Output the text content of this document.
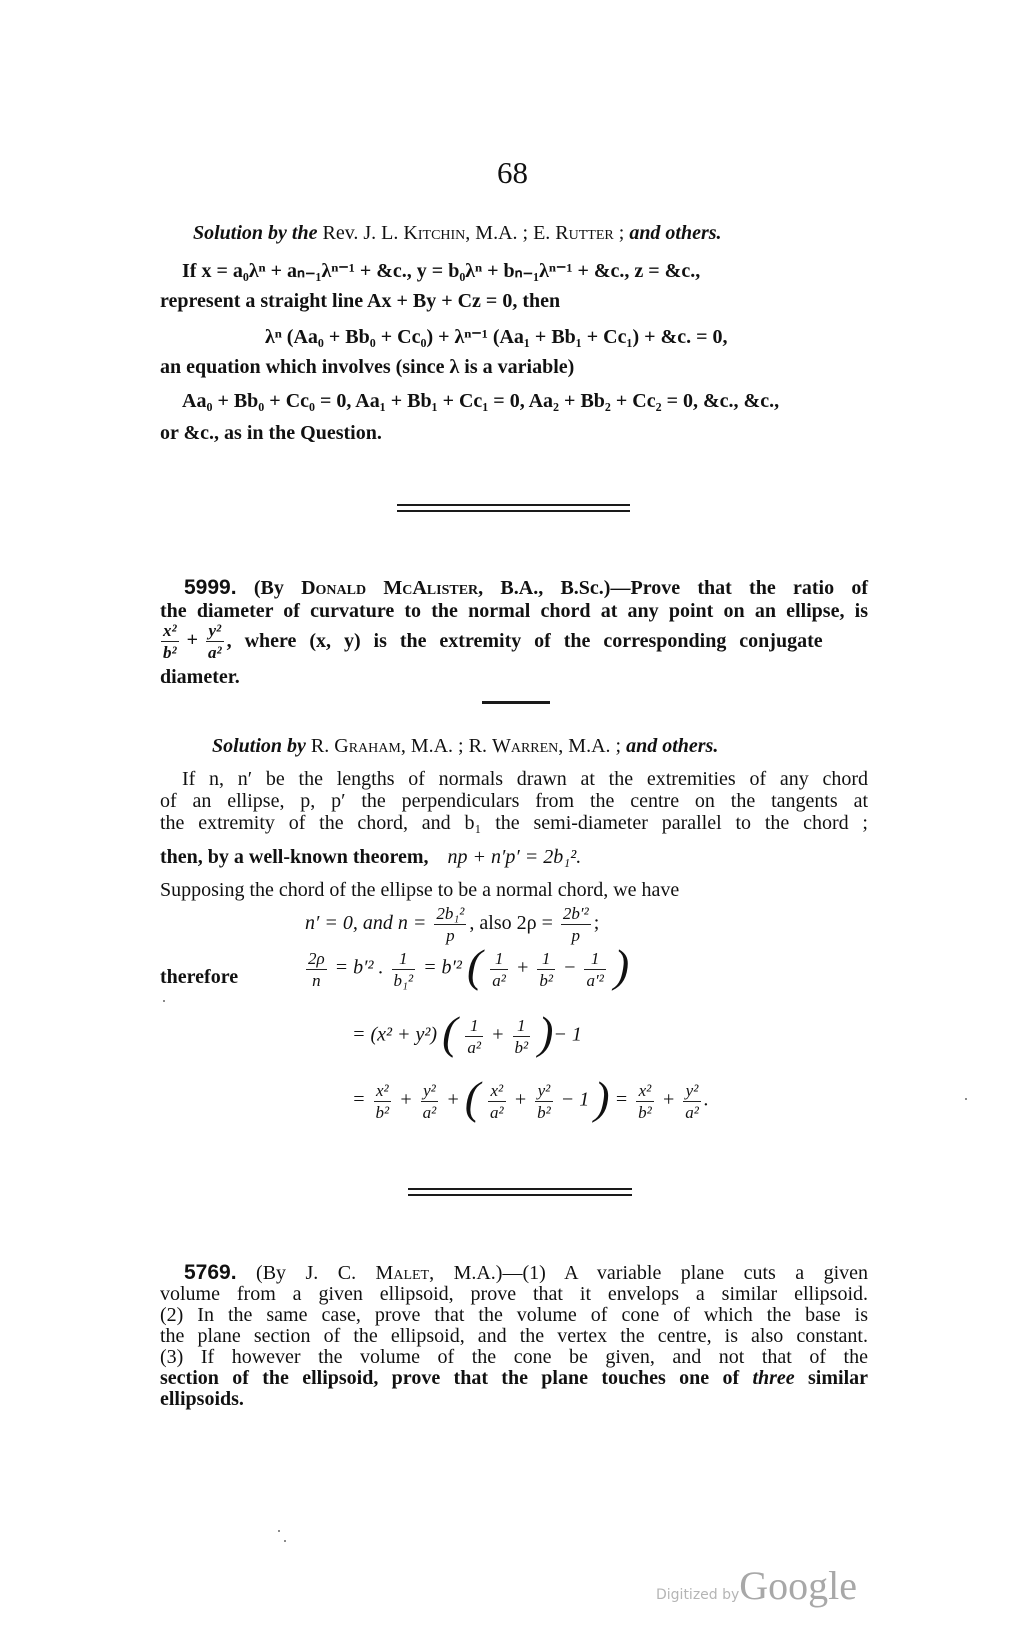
68
Solution by the Rev. J. L. Kitchin, M.A. ; E. Rutter ; and others.
If x = a₀λⁿ + aₙ₋₁λⁿ⁻¹ + &c., y = b₀λⁿ + bₙ₋₁λⁿ⁻¹ + &c., z = &c.,
represent a straight line Ax + By + Cz = 0, then
λⁿ (Aa₀ + Bb₀ + Cc₀) + λⁿ⁻¹ (Aa₁ + Bb₁ + Cc₁) + &c. = 0,
an equation which involves (since λ is a variable)
Aa₀ + Bb₀ + Cc₀ = 0, Aa₁ + Bb₁ + Cc₁ = 0, Aa₂ + Bb₂ + Cc₂ = 0, &c., &c.,
or &c., as in the Question.
5999. (By Donald McAlister, B.A., B.Sc.)—Prove that the ratio of
the diameter of curvature to the normal chord at any point on an ellipse, is
$\frac{\text{x²}}{\text{b²}} + \frac{\text{y²}}{\text{a²}}$ , where (x, y) is the extremity of the corresponding conjugate
diameter.
Solution by R. Graham, M.A. ; R. Warren, M.A. ; and others.
If n, n′ be the lengths of normals drawn at the extremities of any chord
of an ellipse, p, p′ the perpendiculars from the centre on the tangents at
the extremity of the chord, and b₁ the semi-diameter parallel to the chord ;
then, by a well-known theorem, np + n′p′ = 2b₁².
Supposing the chord of the ellipse to be a normal chord, we have
n′ = 0, and $n = \frac{\text{2b₁²}}{p}$ , also $2\rho = \frac{\text{2b′²}}{p}$ ;
therefore	$\frac{2\rho}{n} = b'^2$ . $\frac{1}{\text{b₁²}} = b'^2$ ( $\frac{1}{\text{a²}} + \frac{1}{\text{b²}} - \frac{1}{\text{a′²}}$ )
= (x² + y²) ( $\frac{1}{\text{a²}} + \frac{1}{\text{b²}}$ )− 1
= $\frac{\text{x²}}{\text{b²}} + \frac{\text{y²}}{\text{a²}}$ + ( $\frac{\text{x²}}{\text{a²}} + \frac{\text{y²}}{\text{b²}} - 1$ ) = $\frac{\text{x²}}{\text{b²}} + \frac{\text{y²}}{\text{a²}}$ .
5769. (By J. C. Malet, M.A.)—(1) A variable plane cuts a given
volume from a given ellipsoid, prove that it envelops a similar ellipsoid.
(2) In the same case, prove that the volume of cone of which the base is
the plane section of the ellipsoid, and the vertex the centre, is also constant.
(3) If however the volume of the cone be given, and not that of the
section of the ellipsoid, prove that the plane touches one of three similar
ellipsoids.
Digitized byGoogle
